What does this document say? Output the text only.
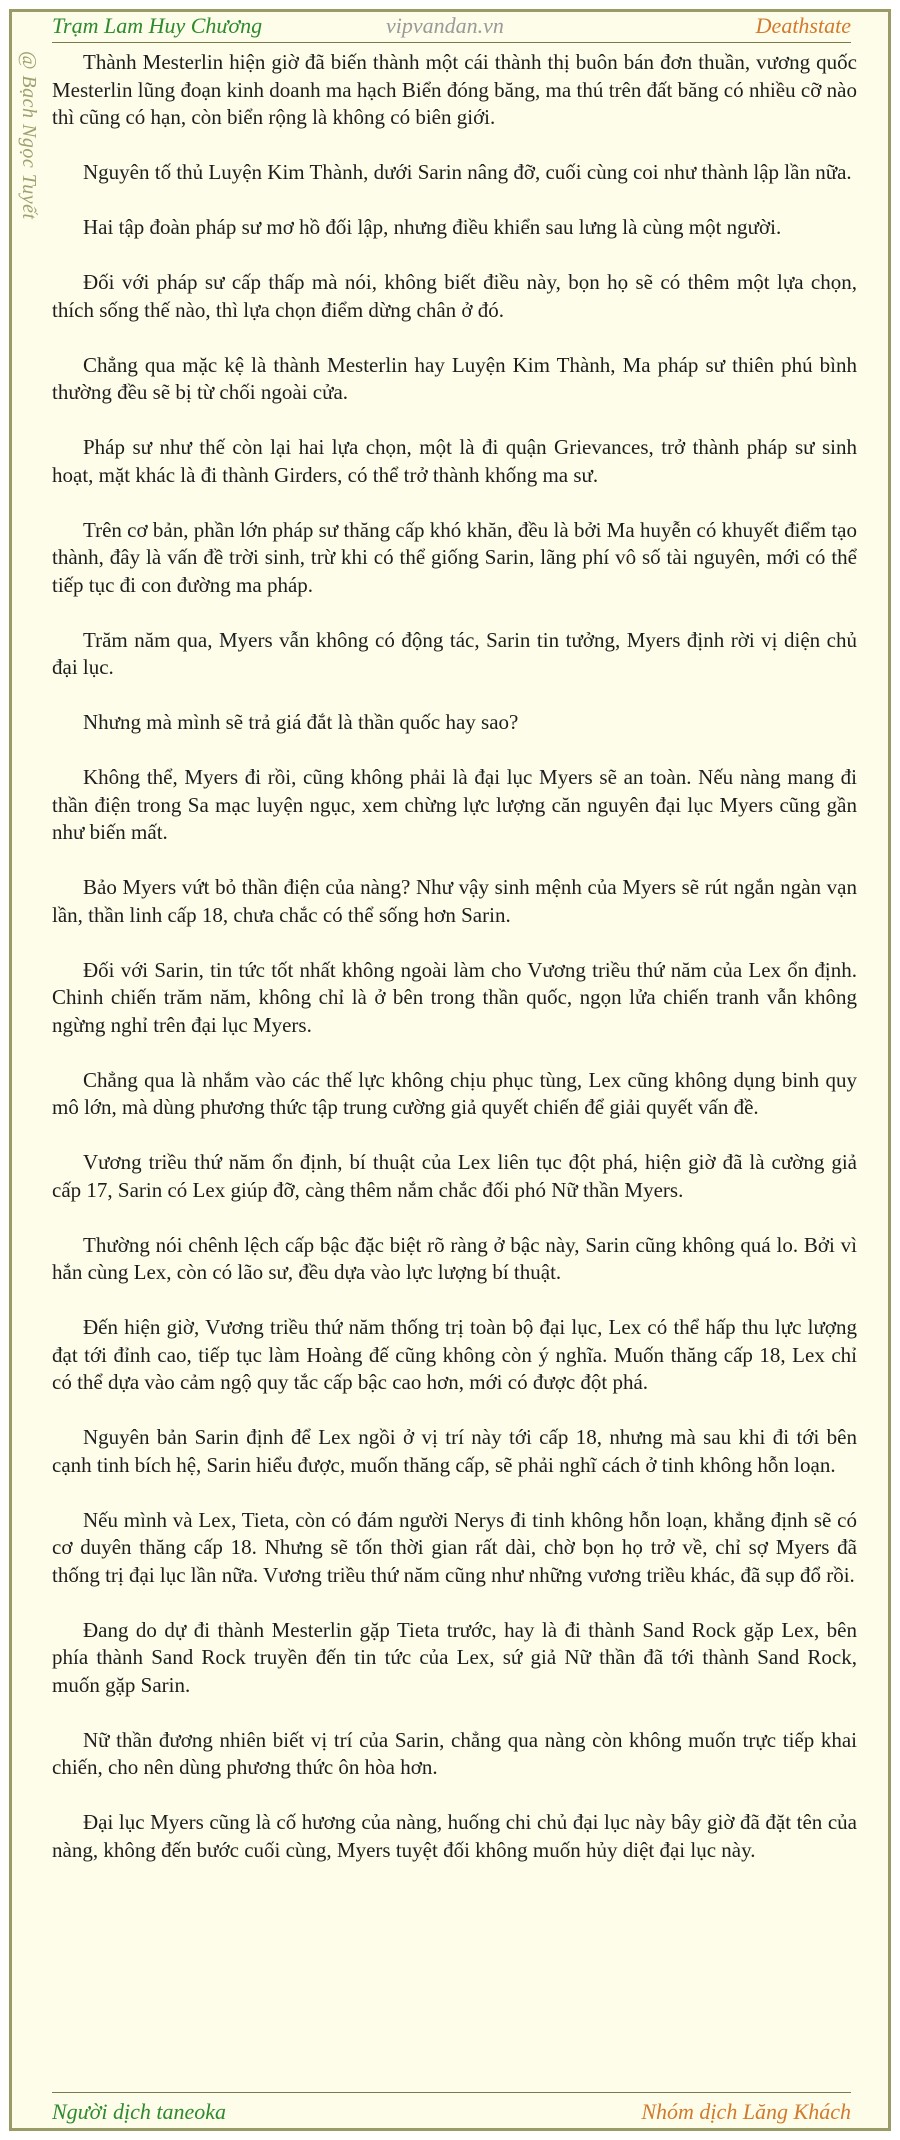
Trạm Lam Huy Chương	vipvandan.vn	Deathstate
@ Bạch Ngọc Tuyết	Thành Mesterlin hiện giờ đã biến thành một cái thành thị buôn bán đơn thuần, vương quốc Mesterlin lũng đoạn kinh doanh ma hạch Biển đóng băng, ma thú trên đất băng có nhiều cỡ nào thì cũng có hạn, còn biển rộng là không có biên giới.

Nguyên tố thủ Luyện Kim Thành, dưới Sarin nâng đỡ, cuối cùng coi như thành lập lần nữa.

Hai tập đoàn pháp sư mơ hồ đối lập, nhưng điều khiển sau lưng là cùng một người.

Đối với pháp sư cấp thấp mà nói, không biết điều này, bọn họ sẽ có thêm một lựa chọn, thích sống thế nào, thì lựa chọn điểm dừng chân ở đó.

Chẳng qua mặc kệ là thành Mesterlin hay Luyện Kim Thành, Ma pháp sư thiên phú bình thường đều sẽ bị từ chối ngoài cửa.

Pháp sư như thế còn lại hai lựa chọn, một là đi quận Grievances, trở thành pháp sư sinh hoạt, mặt khác là đi thành Girders, có thể trở thành khống ma sư.

Trên cơ bản, phần lớn pháp sư thăng cấp khó khăn, đều là bởi Ma huyễn có khuyết điểm tạo thành, đây là vấn đề trời sinh, trừ khi có thể giống Sarin, lãng phí vô số tài nguyên, mới có thể tiếp tục đi con đường ma pháp.

Trăm năm qua, Myers vẫn không có động tác, Sarin tin tưởng, Myers định rời vị diện chủ đại lục.

Nhưng mà mình sẽ trả giá đắt là thần quốc hay sao?

Không thể, Myers đi rồi, cũng không phải là đại lục Myers sẽ an toàn. Nếu nàng mang đi thần điện trong Sa mạc luyện ngục, xem chừng lực lượng căn nguyên đại lục Myers cũng gần như biến mất.

Bảo Myers vứt bỏ thần điện của nàng? Như vậy sinh mệnh của Myers sẽ rút ngắn ngàn vạn lần, thần linh cấp 18, chưa chắc có thể sống hơn Sarin.

Đối với Sarin, tin tức tốt nhất không ngoài làm cho Vương triều thứ năm của Lex ổn định. Chinh chiến trăm năm, không chỉ là ở bên trong thần quốc, ngọn lửa chiến tranh vẫn không ngừng nghỉ trên đại lục Myers.

Chẳng qua là nhắm vào các thế lực không chịu phục tùng, Lex cũng không dụng binh quy mô lớn, mà dùng phương thức tập trung cường giả quyết chiến để giải quyết vấn đề.

Vương triều thứ năm ổn định, bí thuật của Lex liên tục đột phá, hiện giờ đã là cường giả cấp 17, Sarin có Lex giúp đỡ, càng thêm nắm chắc đối phó Nữ thần Myers.

Thường nói chênh lệch cấp bậc đặc biệt rõ ràng ở bậc này, Sarin cũng không quá lo. Bởi vì hắn cùng Lex, còn có lão sư, đều dựa vào lực lượng bí thuật.

Đến hiện giờ, Vương triều thứ năm thống trị toàn bộ đại lục, Lex có thể hấp thu lực lượng đạt tới đỉnh cao, tiếp tục làm Hoàng đế cũng không còn ý nghĩa. Muốn thăng cấp 18, Lex chỉ có thể dựa vào cảm ngộ quy tắc cấp bậc cao hơn, mới có được đột phá.

Nguyên bản Sarin định để Lex ngồi ở vị trí này tới cấp 18, nhưng mà sau khi đi tới bên cạnh tinh bích hệ, Sarin hiểu được, muốn thăng cấp, sẽ phải nghĩ cách ở tinh không hỗn loạn.

Nếu mình và Lex, Tieta, còn có đám người Nerys đi tinh không hỗn loạn, khẳng định sẽ có cơ duyên thăng cấp 18. Nhưng sẽ tốn thời gian rất dài, chờ bọn họ trở về, chỉ sợ Myers đã thống trị đại lục lần nữa. Vương triều thứ năm cũng như những vương triều khác, đã sụp đổ rồi.

Đang do dự đi thành Mesterlin gặp Tieta trước, hay là đi thành Sand Rock gặp Lex, bên phía thành Sand Rock truyền đến tin tức của Lex, sứ giả Nữ thần đã tới thành Sand Rock, muốn gặp Sarin.

Nữ thần đương nhiên biết vị trí của Sarin, chẳng qua nàng còn không muốn trực tiếp khai chiến, cho nên dùng phương thức ôn hòa hơn.

Đại lục Myers cũng là cố hương của nàng, huống chi chủ đại lục này bây giờ đã đặt tên của nàng, không đến bước cuối cùng, Myers tuyệt đối không muốn hủy diệt đại lục này.

Người dịch taneoka	Nhóm dịch Lăng Khách
